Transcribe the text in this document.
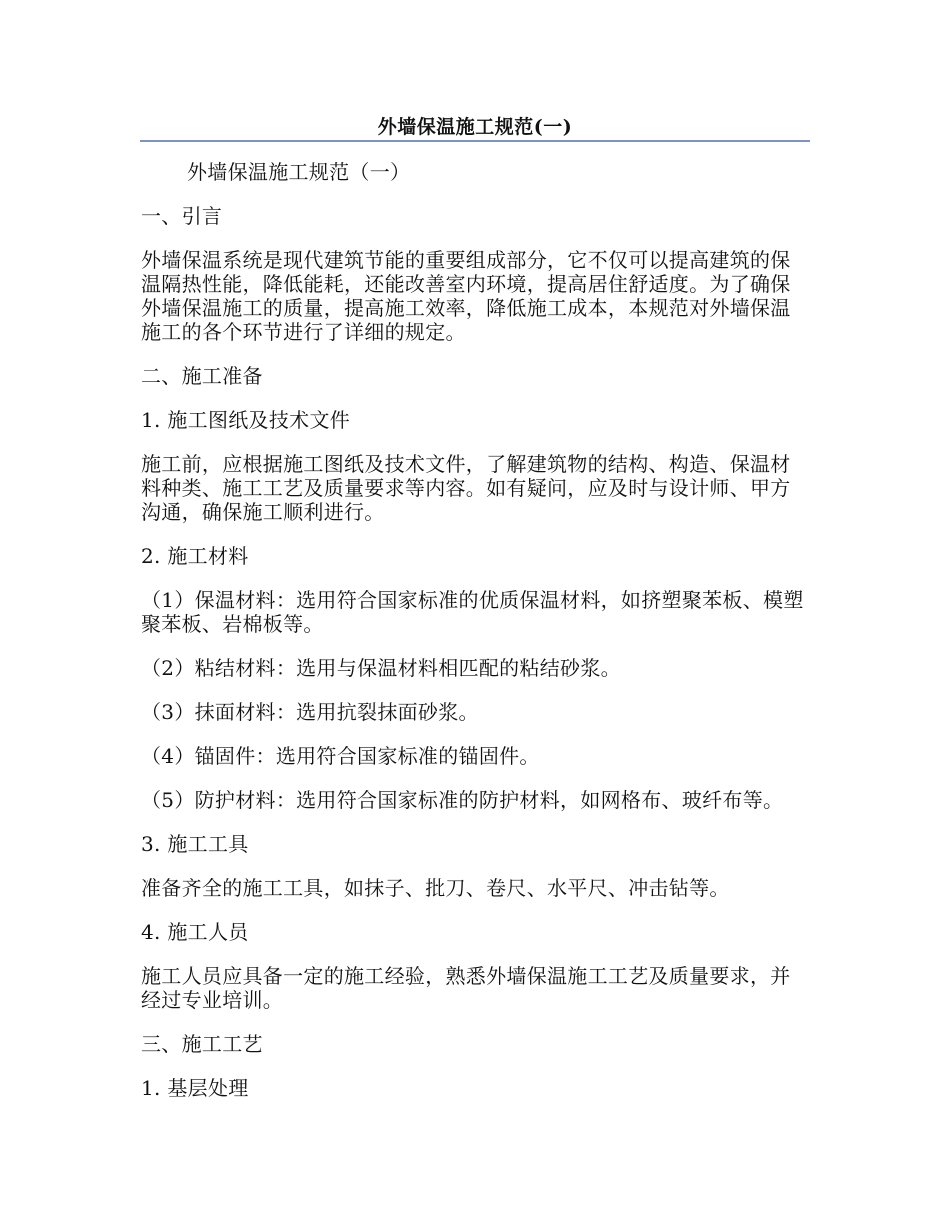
外墙保温施工规范(一)

外墙保温施工规范（一）

一、引言

外墙保温系统是现代建筑节能的重要组成部分，它不仅可以提高建筑的保温隔热性能，降低能耗，还能改善室内环境，提高居住舒适度。为了确保外墙保温施工的质量，提高施工效率，降低施工成本，本规范对外墙保温施工的各个环节进行了详细的规定。

二、施工准备

1. 施工图纸及技术文件

施工前，应根据施工图纸及技术文件，了解建筑物的结构、构造、保温材料种类、施工工艺及质量要求等内容。如有疑问，应及时与设计师、甲方沟通，确保施工顺利进行。

2. 施工材料

（1）保温材料：选用符合国家标准的优质保温材料，如挤塑聚苯板、模塑聚苯板、岩棉板等。

（2）粘结材料：选用与保温材料相匹配的粘结砂浆。

（3）抹面材料：选用抗裂抹面砂浆。

（4）锚固件：选用符合国家标准的锚固件。

（5）防护材料：选用符合国家标准的防护材料，如网格布、玻纤布等。

3. 施工工具

准备齐全的施工工具，如抹子、批刀、卷尺、水平尺、冲击钻等。

4. 施工人员

施工人员应具备一定的施工经验，熟悉外墙保温施工工艺及质量要求，并经过专业培训。

三、施工工艺

1. 基层处理
